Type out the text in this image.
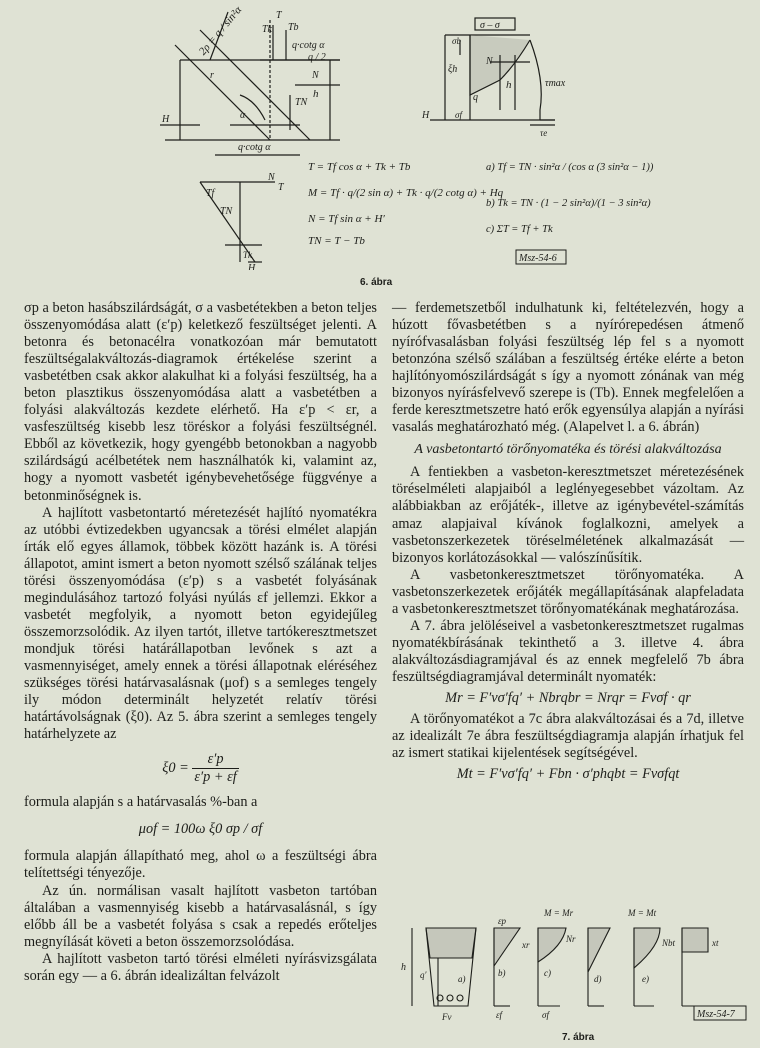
2ρ = q / sin²α	q·cotg α
q / 2
T
Tk Tb
N
h
TN
H
r
α
q·cotg α
σ – σ
σb
ξh
N
h
q
τmax
H	σf
τe
Tf
TN
N
T
Tk
H
T = Tf cos α + Tk + Tb
M = Tf · q/(2 sin α) + Tk · q/(2 cotg α) + Hq
N = Tf sin α + H′
TN = T − Tb
a) Tf = TN · sin²α / (cos α (3 sin²α − 1))
b) Tk = TN · (1 − 2 sin²α)/(1 − 3 sin²α)
c) ΣT = Tf + Tk
Msz-54-6
6. ábra

σp a beton hasábszilárdságát, σ a vasbetétekben a beton teljes összenyomódása alatt (ε′p) keletkező feszültséget jelenti. A betonra és betonacélra vonatkozóan már bemutatott feszültségalakváltozás-diagramok értékelése szerint a vasbetétben csak akkor alakulhat ki a folyási feszültség, ha a beton plasztikus összenyomódása alatt a vasbetétben a folyási alakváltozás kezdete elérhető. Ha ε′p < εr, a vasfeszültség kisebb lesz töréskor a folyási feszültségnél. Ebből az következik, hogy gyengébb betonokban a nagyobb szilárdságú acélbetétek nem használhatók ki, valamint az, hogy a nyomott vasbetét igénybevehetősége függvénye a betonminőségnek is.

A hajlított vasbetontartó méretezését hajlító nyomatékra az utóbbi évtizedekben ugyancsak a törési elmélet alapján írták elő egyes államok, többek között hazánk is. A törési állapotot, amint ismert a beton nyomott szélső szálának teljes törési összenyomódása (ε′p) s a vasbetét folyásának megindulásához tartozó folyási nyúlás εf jellemzi. Ekkor a vasbetét megfolyik, a nyomott beton egyidejűleg összemorzsolódik. Az ilyen tartót, illetve tartókeresztmetszet mondjuk törési határállapotban levőnek s azt a vasmennyiséget, amely ennek a törési állapotnak eléréséhez szükséges törési határvasalásnak (μof) s a semleges tengely ily módon determinált helyzetét relatív törési határtávolságnak (ξ0). Az 5. ábra szerint a semleges tengely határhelyzete az

$\xi 0 = \frac{\varepsilon'p}{\varepsilon'p + \varepsilon f}$

formula alapján s a határvasalás %-ban a

μof = 100ω ξ0 σp / σf

formula alapján állapítható meg, ahol ω a feszültségi ábra telítettségi tényezője.

Az ún. normálisan vasalt hajlított vasbeton tartóban általában a vasmennyiség kisebb a határvasalásnál, s így előbb áll be a vasbetét folyása s csak a repedés erőteljes megnyílását követi a beton összemorzsolódása.

A hajlított vasbeton tartó törési elméleti nyírásvizsgálata során egy — a 6. ábrán idealizáltan felvázolt

— ferdemetszetből indulhatunk ki, feltételezvén, hogy a húzott fővasbetétben s a nyírórepedésen átmenő nyírófvasalásban folyási feszültség lép fel s a nyomott betonzóna szélső szálában a feszültség értéke elérte a beton hajlítónyomószilárdságát s így a nyomott zónának van még bizonyos nyírásfelvevő szerepe is (Tb). Ennek megfelelően a ferde keresztmetszetre ható erők egyensúlya alapján a nyírási vasalás meghatározható még. (Alapelvet l. a 6. ábrán)

A vasbetontartó törőnyomatéka és törési alakváltozása

A fentiekben a vasbeton-keresztmetszet méretezésének töréselméleti alapjaiból a leglényegesebbet vázoltam. Az alábbiakban az erőjáték-, illetve az igénybevétel-számítás amaz alapjaival kívánok foglalkozni, amelyek a vasbetonszerkezetek töréselméletének alkalmazását — bizonyos korlátozásokkal — valószínűsítik.

A vasbetonkeresztmetszet törőnyomatéka. A vasbetonszerkezetek erőjáték megállapításának alapfeladata a vasbetonkeresztmetszet törőnyomatékának meghatározása.

A 7. ábra jelöléseivel a vasbetonkeresztmetszet rugalmas nyomatékbírásának tekinthető a 3. illetve 4. ábra alakváltozásdiagramjával és az ennek megfelelő 7b ábra feszültségdiagramjával determinált nyomaték:

Mr = F′vσ′fq′ + Nbrqbr = Nrqr = Fvσf · qr

A törőnyomatékot a 7c ábra alakváltozásai és a 7d, illetve az idealizált 7e ábra feszültségdiagramja alapján írhatjuk fel az ismert statikai kijelentések segítségével.

Mt = F′vσ′fq′ + Fbn · σ′phqbt = Fvσfqt
M = Mr	M = Mt
h
q′	b)	c)
d)	e)
a)
εp
εf	σf
Nr	Nbt
Fv
xr	xt
Msz-54-7
7. ábra
